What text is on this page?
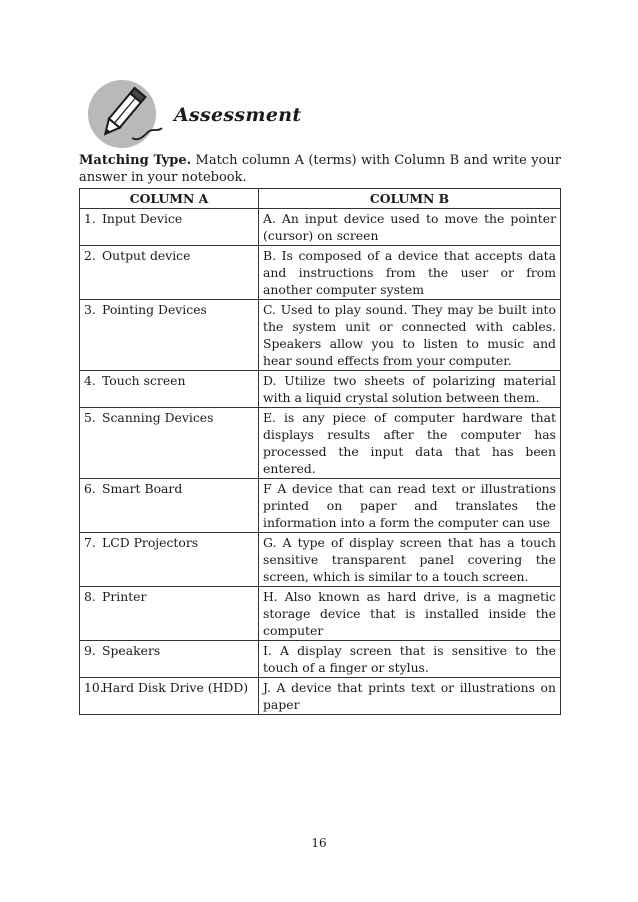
Assessment
Matching Type. Match column A (terms) with Column B and write your answer in your notebook.
COLUMN A	COLUMN B
1. Input Device	A. An input device used to move the pointer (cursor) on screen
2. Output device	B. Is composed of a device that accepts data and instructions from the user or from another computer system
3. Pointing Devices	C. Used to play sound. They may be built into the system unit or connected with cables. Speakers allow you to listen to music and hear sound effects from your computer.
4. Touch screen	D. Utilize two sheets of polarizing material with a liquid crystal solution between them.
5. Scanning Devices	E. is any piece of computer hardware that displays results after the computer has processed the input data that has been entered.
6. Smart Board	F A device that can read text or illustrations printed on paper and translates the information into a form the computer can use
7. LCD Projectors	G. A type of display screen that has a touch sensitive transparent panel covering the screen, which is similar to a touch screen.
8. Printer	H. Also known as hard drive, is a magnetic storage device that is installed inside the computer
9. Speakers	I. A display screen that is sensitive to the touch of a finger or stylus.
10.Hard Disk Drive (HDD)	J. A device that prints text or illustrations on paper
16
